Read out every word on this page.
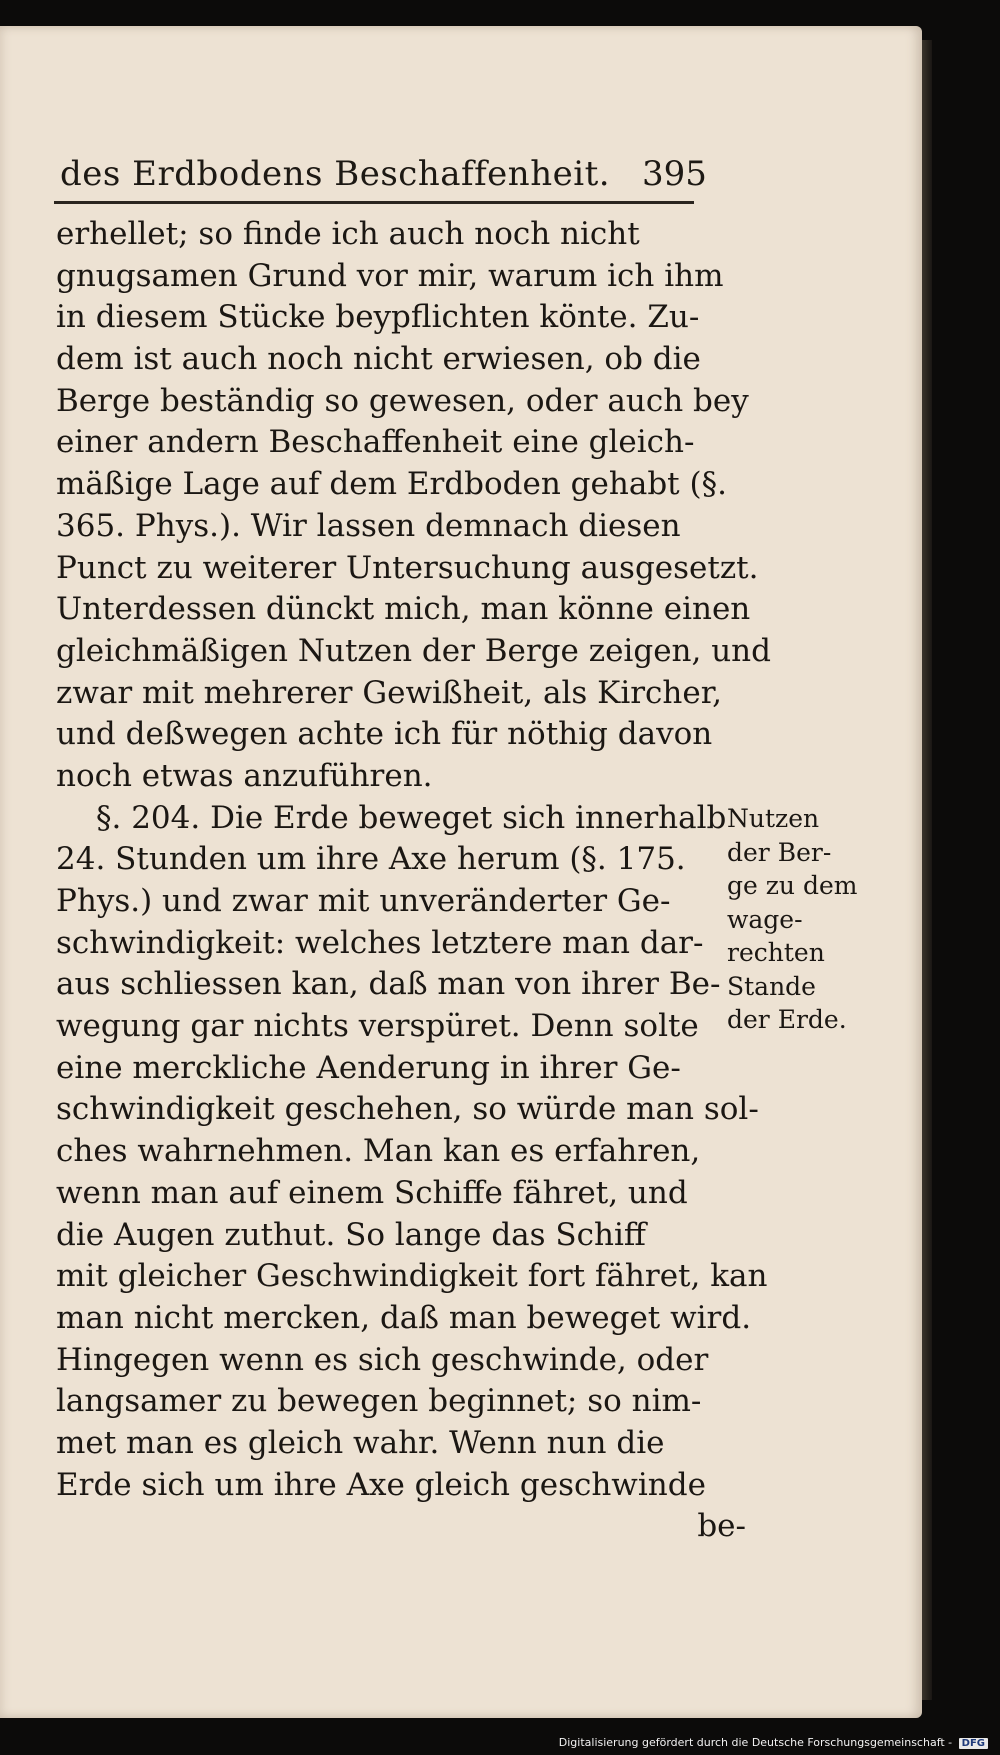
des Erdbodens Beschaffenheit. 395
erhellet; so finde ich auch noch nicht
gnugsamen Grund vor mir, warum ich ihm
in diesem Stücke beypflichten könte. Zu-
dem ist auch noch nicht erwiesen, ob die
Berge beständig so gewesen, oder auch bey
einer andern Beschaffenheit eine gleich-
mäßige Lage auf dem Erdboden gehabt (§.
365. Phys.). Wir lassen demnach diesen
Punct zu weiterer Untersuchung ausgesetzt.
Unterdessen dünckt mich, man könne einen
gleichmäßigen Nutzen der Berge zeigen, und
zwar mit mehrerer Gewißheit, als Kircher,
und deßwegen achte ich für nöthig davon
noch etwas anzuführen.
§. 204. Die Erde beweget sich innerhalb
24. Stunden um ihre Axe herum (§. 175.
Phys.) und zwar mit unveränderter Ge-
schwindigkeit: welches letztere man dar-
aus schliessen kan, daß man von ihrer Be-
wegung gar nichts verspüret. Denn solte
eine merckliche Aenderung in ihrer Ge-
schwindigkeit geschehen, so würde man sol-
ches wahrnehmen. Man kan es erfahren,
wenn man auf einem Schiffe fähret, und
die Augen zuthut. So lange das Schiff
mit gleicher Geschwindigkeit fort fähret, kan
man nicht mercken, daß man beweget wird.
Hingegen wenn es sich geschwinde, oder
langsamer zu bewegen beginnet; so nim-
met man es gleich wahr. Wenn nun die
Erde sich um ihre Axe gleich geschwinde
be-
Nutzen
der Ber-
ge zu dem
wage-
rechten
Stande
der Erde.
Digitalisierung gefördert durch die Deutsche Forschungsgemeinschaft - DFG
